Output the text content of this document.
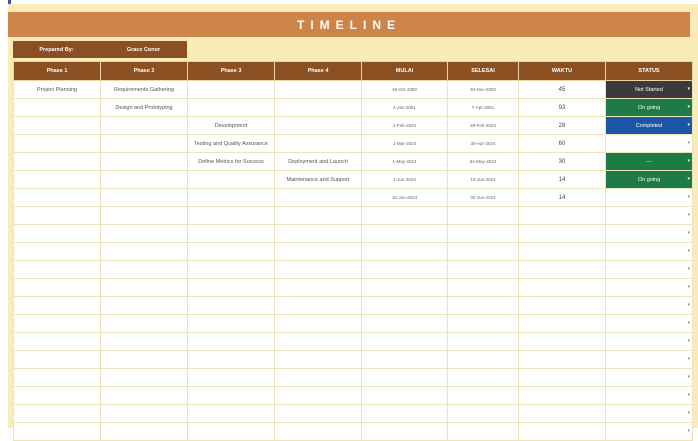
TIMELINE
Prepared By:	Grace Conor
Phase 1	Phase 2	Phase 3	Phase 4	MULAI	SELESAI	WAKTU	STATUS
Project Planning	Requirements Gathering			16-Oct-2050	30-Nov-2050	45	Not Started ▾

	Design and Prototyping			4-Jan-2051	7-Apr-2051	93	On going ▾

		Development		1-Feb-2024	29-Feb-2024	28	Completed ▾

		Testing and Quality Assurance		1-Mar-2024	30-Apr-2024	60	▾

		Define Metrics for Success	Deployment and Launch	1-May-2024	31-May-2024	30	--- ▾

			Maintenance and Support	1-Jun-2024	15-Jun-2024	14	On going ▾

				16-Jun-2024	30-Jun-2024	14	▾

							▾

							▾

							▾

							▾

							▾

							▾

							▾

							▾

							▾

							▾

							▾

							▾

							▾
